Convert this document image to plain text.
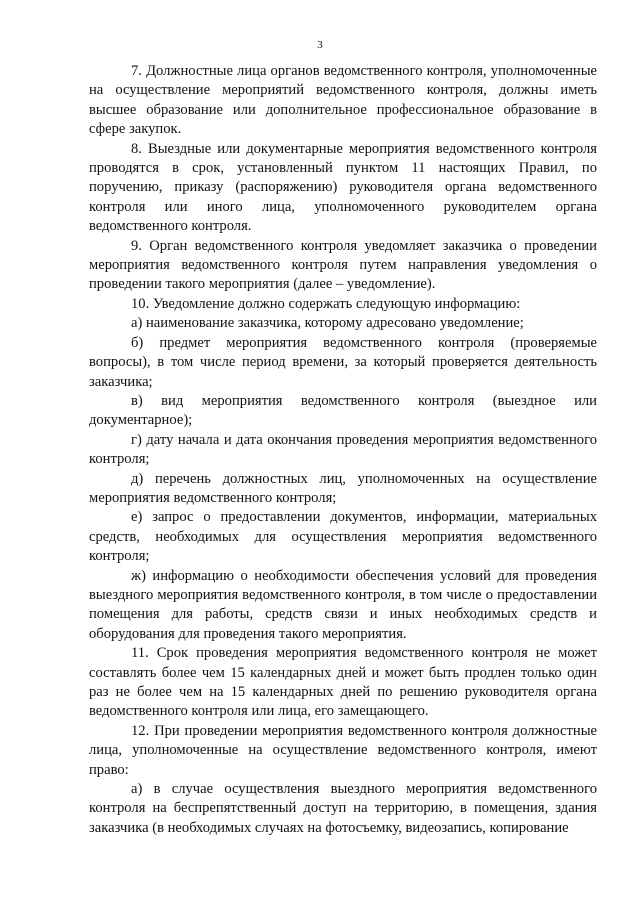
3

7. Должностные лица органов ведомственного контроля, уполномоченные на осуществление мероприятий ведомственного контроля, должны иметь высшее образование или дополнительное профессиональное образование в сфере закупок.

8. Выездные или документарные мероприятия ведомственного контроля проводятся в срок, установленный пунктом 11 настоящих Правил, по поручению, приказу (распоряжению) руководителя органа ведомственного контроля или иного лица, уполномоченного руководителем органа ведомственного контроля.

9. Орган ведомственного контроля уведомляет заказчика о проведении мероприятия ведомственного контроля путем направления уведомления о проведении такого мероприятия (далее – уведомление).

10. Уведомление должно содержать следующую информацию:

а) наименование заказчика, которому адресовано уведомление;

б) предмет мероприятия ведомственного контроля (проверяемые вопросы), в том числе период времени, за который проверяется деятельность заказчика;

в) вид мероприятия ведомственного контроля (выездное или документарное);

г) дату начала и дата окончания проведения мероприятия ведомственного контроля;

д) перечень должностных лиц, уполномоченных на осуществление мероприятия ведомственного контроля;

е) запрос о предоставлении документов, информации, материальных средств, необходимых для осуществления мероприятия ведомственного контроля;

ж) информацию о необходимости обеспечения условий для проведения выездного мероприятия ведомственного контроля, в том числе о предоставлении помещения для работы, средств связи и иных необходимых средств и оборудования для проведения такого мероприятия.

11. Срок проведения мероприятия ведомственного контроля не может составлять более чем 15 календарных дней и может быть продлен только один раз не более чем на 15 календарных дней по решению руководителя органа ведомственного контроля или лица, его замещающего.

12. При проведении мероприятия ведомственного контроля должностные лица, уполномоченные на осуществление ведомственного контроля, имеют право:

а) в случае осуществления выездного мероприятия ведомственного контроля на беспрепятственный доступ на территорию, в помещения, здания заказчика (в необходимых случаях на фотосъемку, видеозапись, копирование
